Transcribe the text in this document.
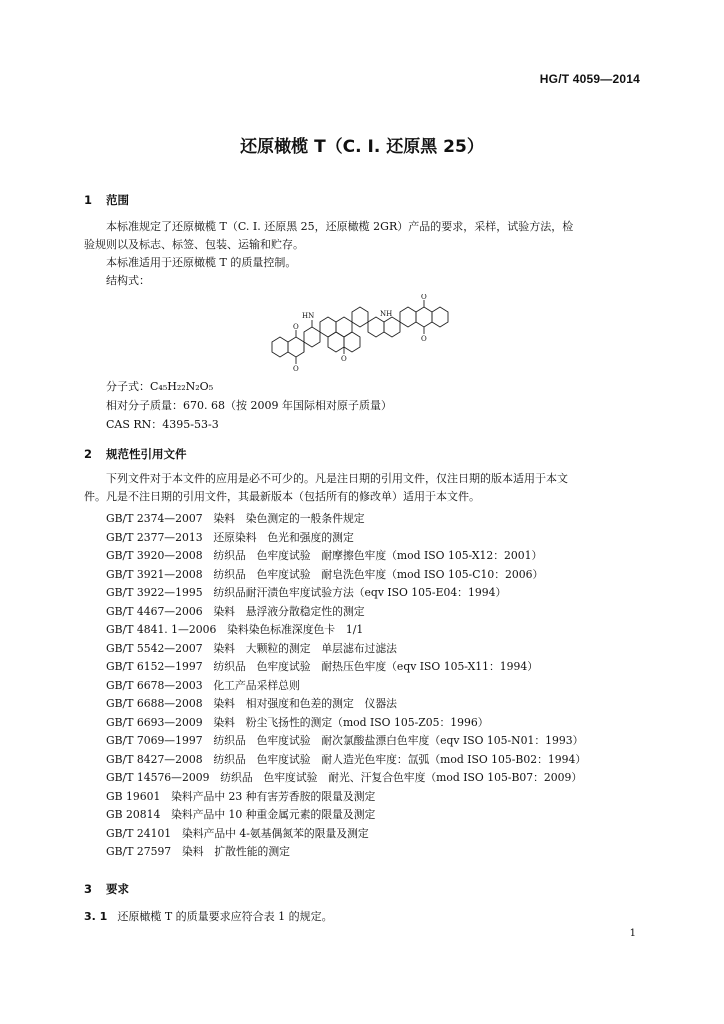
HG/T 4059—2014
还原橄榄 T（C. I. 还原黑 25）
1 范围
本标准规定了还原橄榄 T（C. I. 还原黑 25，还原橄榄 2GR）产品的要求，采样，试验方法，检
验规则以及标志、标签、包装、运输和贮存。
本标准适用于还原橄榄 T 的质量控制。
结构式：
HN	NH
O
O
O
O
O
分子式：C₄₅H₂₂N₂O₅
相对分子质量：670. 68（按 2009 年国际相对原子质量）
CAS RN：4395-53-3
2 规范性引用文件
下列文件对于本文件的应用是必不可少的。凡是注日期的引用文件，仅注日期的版本适用于本文
件。凡是不注日期的引用文件，其最新版本（包括所有的修改单）适用于本文件。
GB/T 2374—2007　染料　染色测定的一般条件规定
GB/T 2377—2013　还原染料　色光和强度的测定
GB/T 3920—2008　纺织品　色牢度试验　耐摩擦色牢度（mod ISO 105-X12：2001）
GB/T 3921—2008　纺织品　色牢度试验　耐皂洗色牢度（mod ISO 105-C10：2006）
GB/T 3922—1995　纺织品耐汗渍色牢度试验方法（eqv ISO 105-E04：1994）
GB/T 4467—2006　染料　悬浮液分散稳定性的测定
GB/T 4841. 1—2006　染料染色标准深度色卡　1/1
GB/T 5542—2007　染料　大颗粒的测定　单层滤布过滤法
GB/T 6152—1997　纺织品　色牢度试验　耐热压色牢度（eqv ISO 105-X11：1994）
GB/T 6678—2003　化工产品采样总则
GB/T 6688—2008　染料　相对强度和色差的测定　仪器法
GB/T 6693—2009　染料　粉尘飞扬性的测定（mod ISO 105-Z05：1996）
GB/T 7069—1997　纺织品　色牢度试验　耐次氯酸盐漂白色牢度（eqv ISO 105-N01：1993）
GB/T 8427—2008　纺织品　色牢度试验　耐人造光色牢度：氙弧（mod ISO 105-B02：1994）
GB/T 14576—2009　纺织品　色牢度试验　耐光、汗复合色牢度（mod ISO 105-B07：2009）
GB 19601　染料产品中 23 种有害芳香胺的限量及测定
GB 20814　染料产品中 10 种重金属元素的限量及测定
GB/T 24101　染料产品中 4-氨基偶氮苯的限量及测定
GB/T 27597　染料　扩散性能的测定
3 要求
3. 1 还原橄榄 T 的质量要求应符合表 1 的规定。
1
